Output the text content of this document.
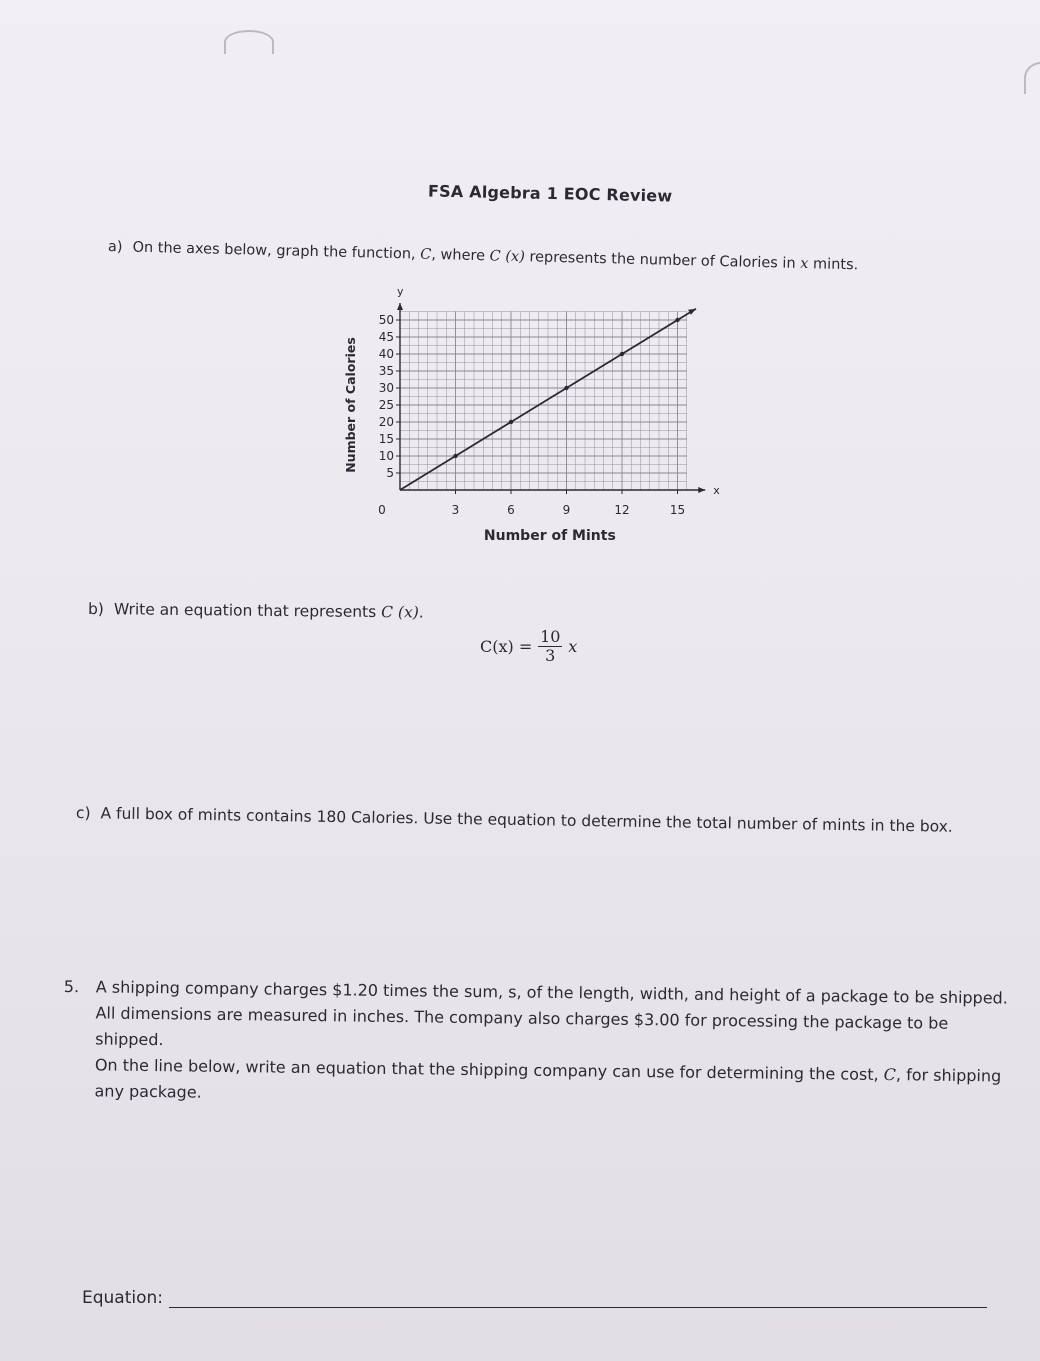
FSA Algebra 1 EOC Review
a) On the axes below, graph the function, C, where C (x) represents the number of Calories in x mints.
x
y
5
10
15
20
25
30
35
40
45
50
3	6	9	12	15
0
Number of Mints
Number of Calories
b) Write an equation that represents C (x).
$C(x) = \frac{10}{3}$ x
c) A full box of mints contains 180 Calories. Use the equation to determine the total number of mints in the box.
5. A shipping company charges $1.20 times the sum, s, of the length, width, and height of a package to be shipped.
All dimensions are measured in inches. The company also charges $3.00 for processing the package to be
shipped.
On the line below, write an equation that the shipping company can use for determining the cost, C, for shipping
any package.
Equation:
